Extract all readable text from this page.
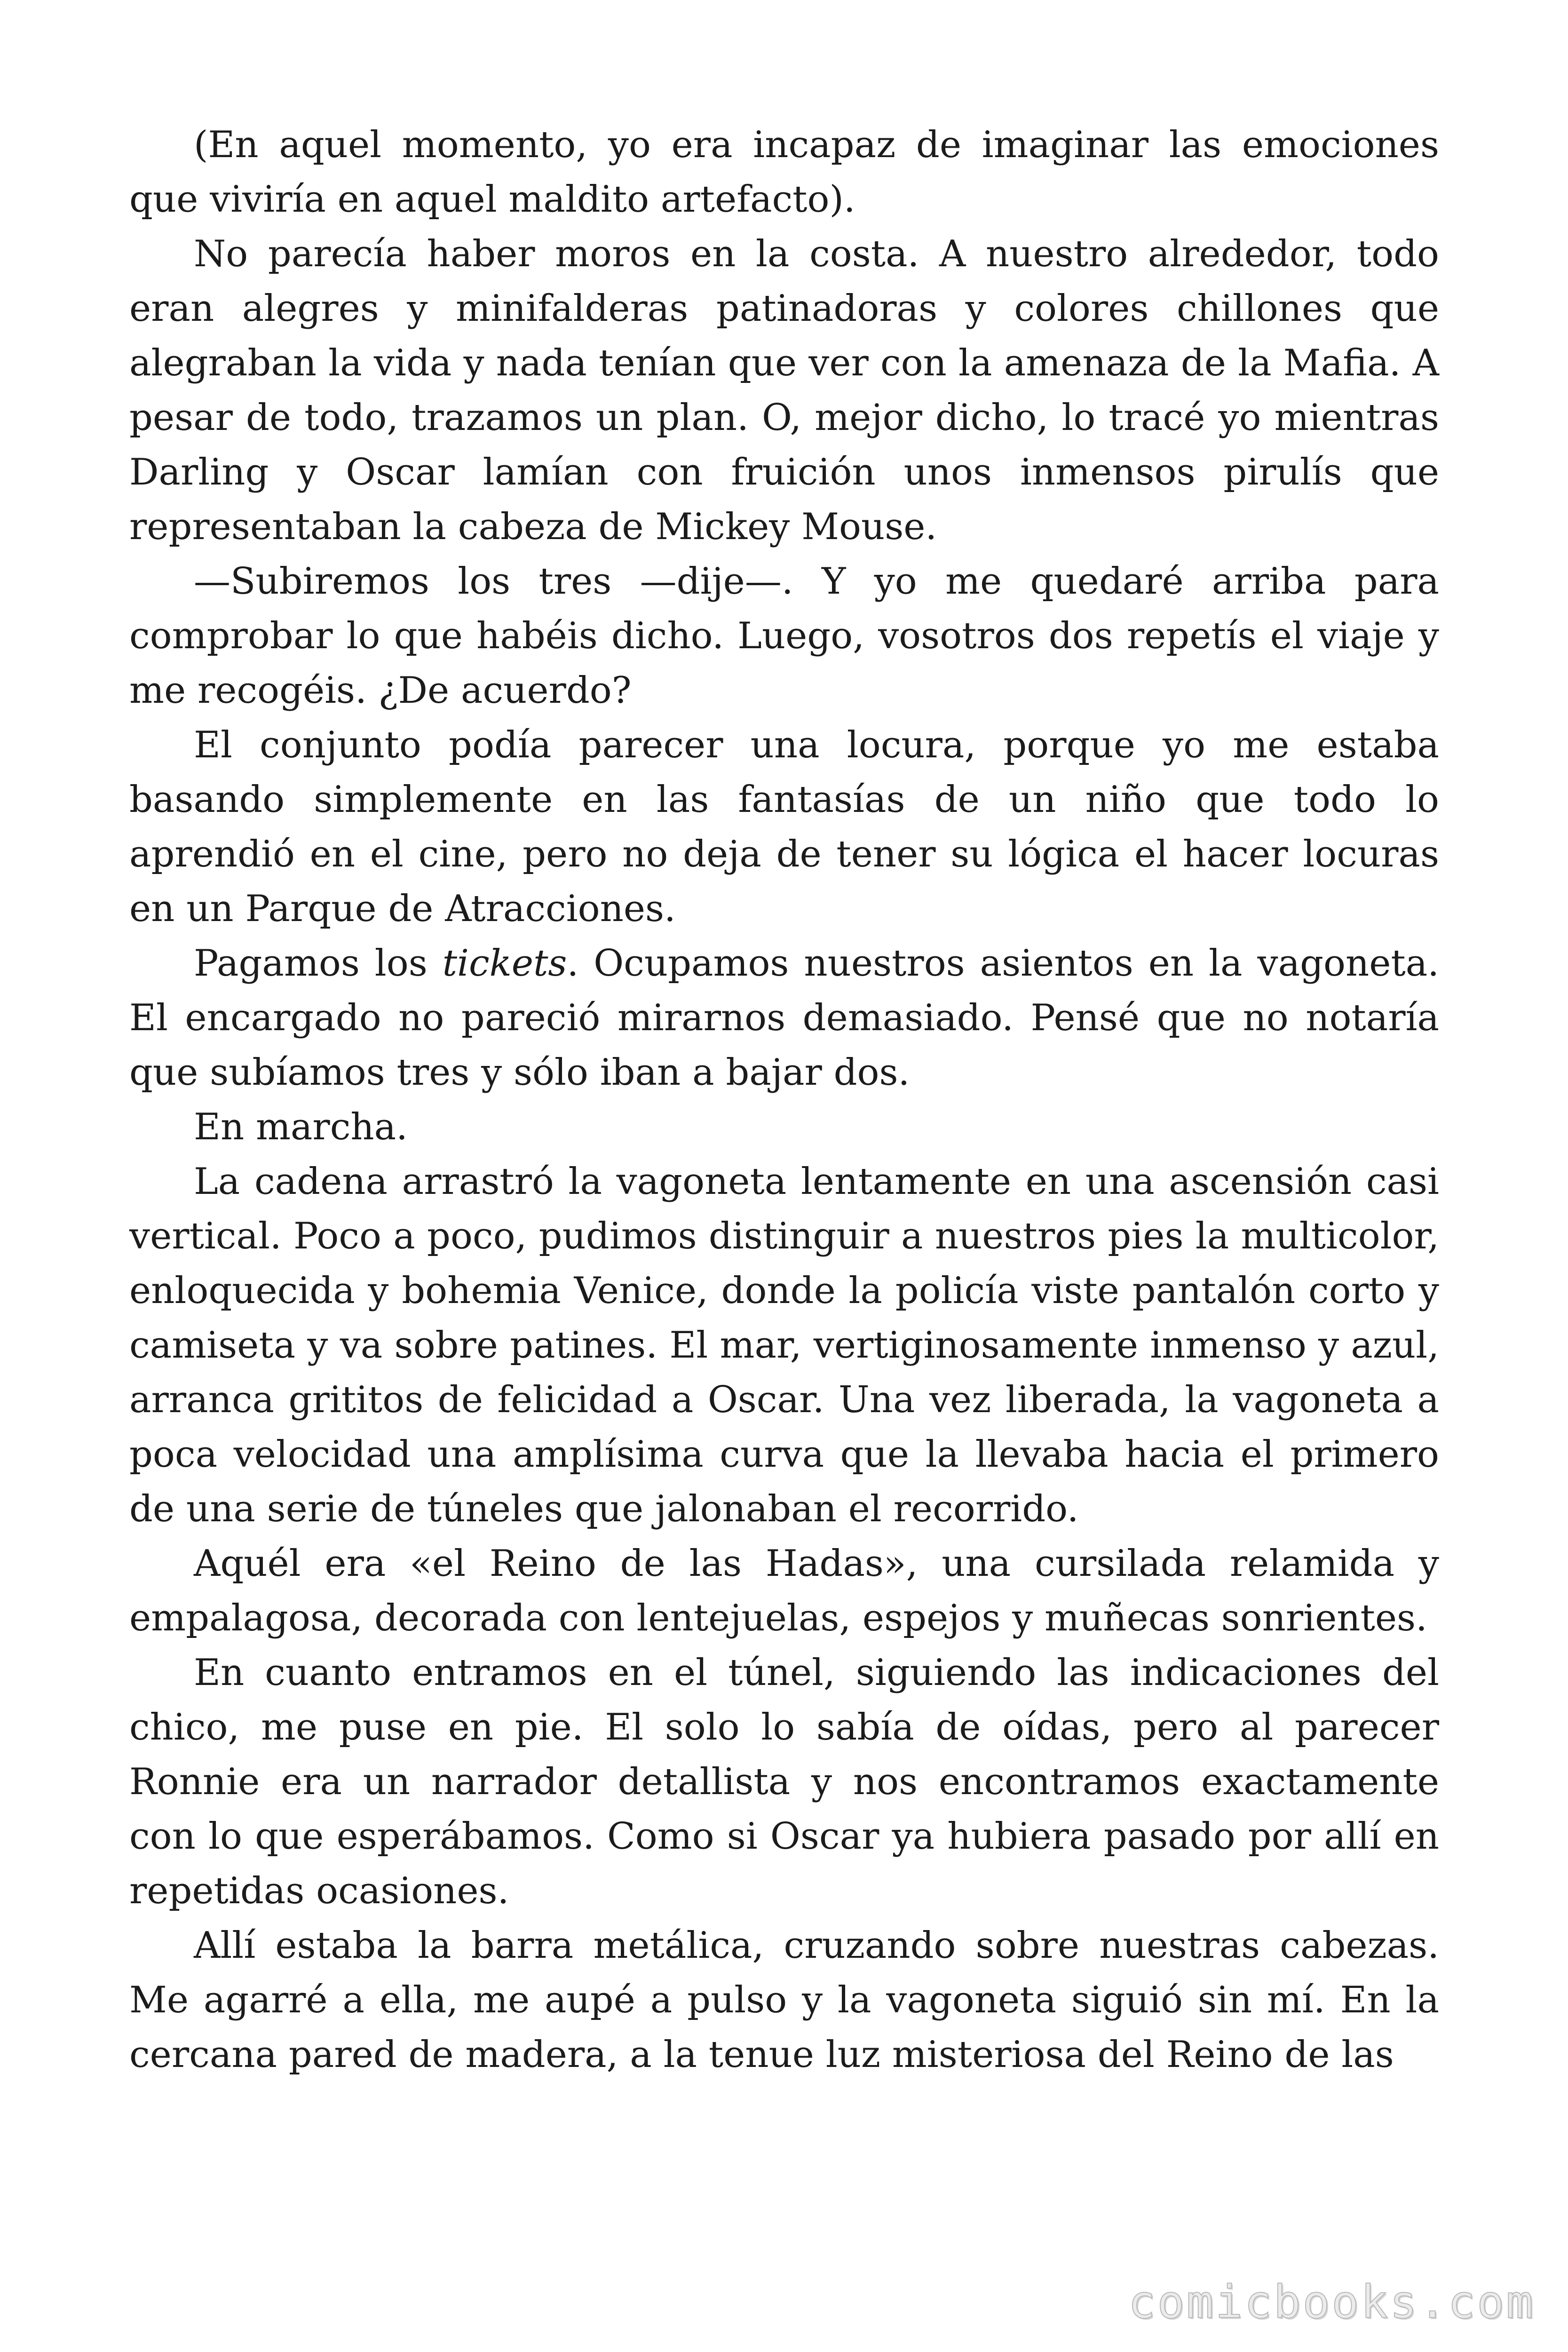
(En aquel momento, yo era incapaz de imaginar las emociones que viviría en aquel maldito artefacto).

No parecía haber moros en la costa. A nuestro alrededor, todo eran alegres y minifalderas patinadoras y colores chillones que alegraban la vida y nada tenían que ver con la amenaza de la Mafia. A pesar de todo, trazamos un plan. O, mejor dicho, lo tracé yo mientras Darling y Oscar lamían con fruición unos inmensos pirulís que representaban la cabeza de Mickey Mouse.

—Subiremos los tres —dije—. Y yo me quedaré arriba para comprobar lo que habéis dicho. Luego, vosotros dos repetís el viaje y me recogéis. ¿De acuerdo?

El conjunto podía parecer una locura, porque yo me estaba basando simplemente en las fantasías de un niño que todo lo aprendió en el cine, pero no deja de tener su lógica el hacer locuras en un Parque de Atracciones.

Pagamos los tickets. Ocupamos nuestros asientos en la vagoneta. El encargado no pareció mirarnos demasiado. Pensé que no notaría que subíamos tres y sólo iban a bajar dos.

En marcha.

La cadena arrastró la vagoneta lentamente en una ascensión casi vertical. Poco a poco, pudimos distinguir a nuestros pies la multicolor, enloquecida y bohemia Venice, donde la policía viste pantalón corto y camiseta y va sobre patines. El mar, vertiginosamente inmenso y azul, arranca grititos de felicidad a Oscar. Una vez liberada, la vagoneta a poca velocidad una amplísima curva que la llevaba hacia el primero de una serie de túneles que jalonaban el recorrido.

Aquél era «el Reino de las Hadas», una cursilada relamida y empalagosa, decorada con lentejuelas, espejos y muñecas sonrientes.

En cuanto entramos en el túnel, siguiendo las indicaciones del chico, me puse en pie. El solo lo sabía de oídas, pero al parecer Ronnie era un narrador detallista y nos encontramos exactamente con lo que esperábamos. Como si Oscar ya hubiera pasado por allí en repetidas ocasiones.

Allí estaba la barra metálica, cruzando sobre nuestras cabezas. Me agarré a ella, me aupé a pulso y la vagoneta siguió sin mí. En la cercana pared de madera, a la tenue luz misteriosa del Reino de las

comicbooks.com
